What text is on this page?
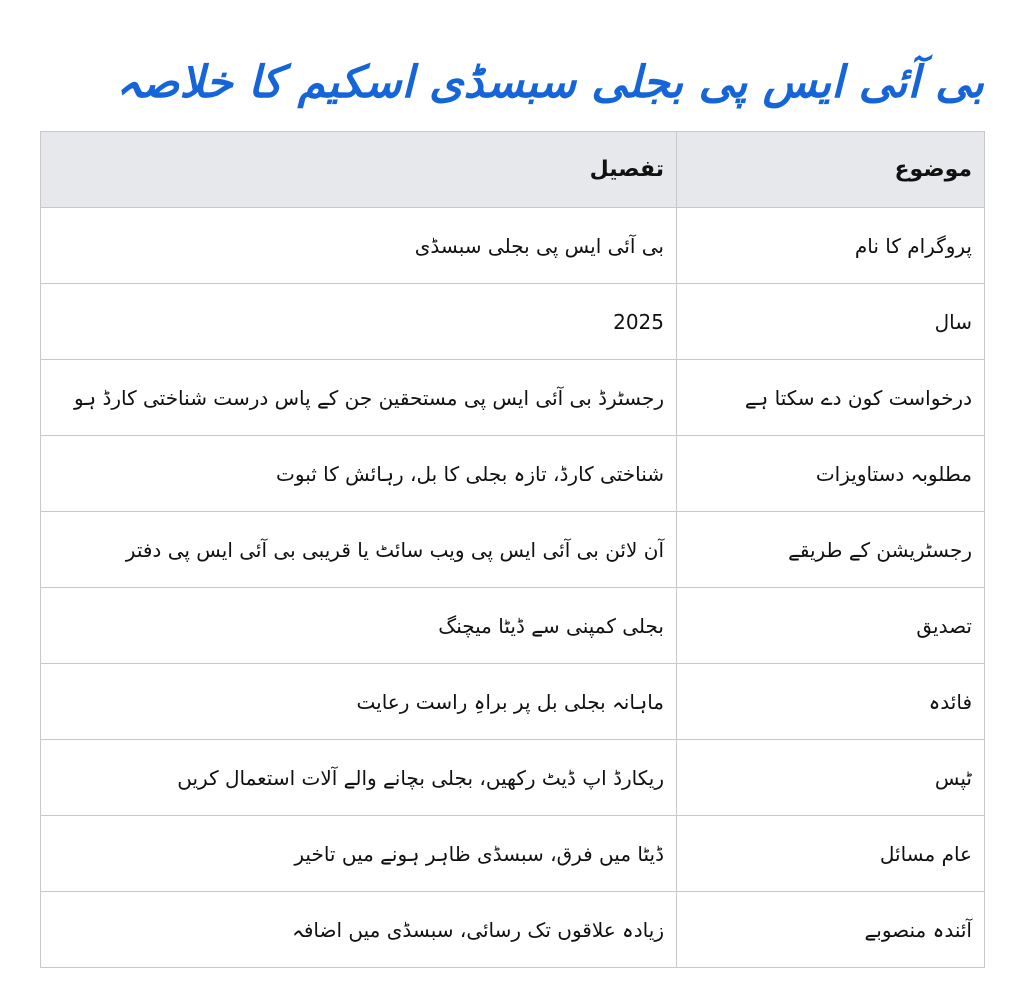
بی آئی ایس پی بجلی سبسڈی اسکیم کا خلاصہ
موضوع	تفصیل
پروگرام کا نام	بی آئی ایس پی بجلی سبسڈی
سال	2025
درخواست کون دے سکتا ہے	رجسٹرڈ بی آئی ایس پی مستحقین جن کے پاس درست شناختی کارڈ ہو
مطلوبہ دستاویزات	شناختی کارڈ، تازہ بجلی کا بل، رہائش کا ثبوت
رجسٹریشن کے طریقے	آن لائن بی آئی ایس پی ویب سائٹ یا قریبی بی آئی ایس پی دفتر
تصدیق	بجلی کمپنی سے ڈیٹا میچنگ
فائدہ	ماہانہ بجلی بل پر براہِ راست رعایت
ٹپس	ریکارڈ اپ ڈیٹ رکھیں، بجلی بچانے والے آلات استعمال کریں
عام مسائل	ڈیٹا میں فرق، سبسڈی ظاہر ہونے میں تاخیر
آئندہ منصوبے	زیادہ علاقوں تک رسائی، سبسڈی میں اضافہ
